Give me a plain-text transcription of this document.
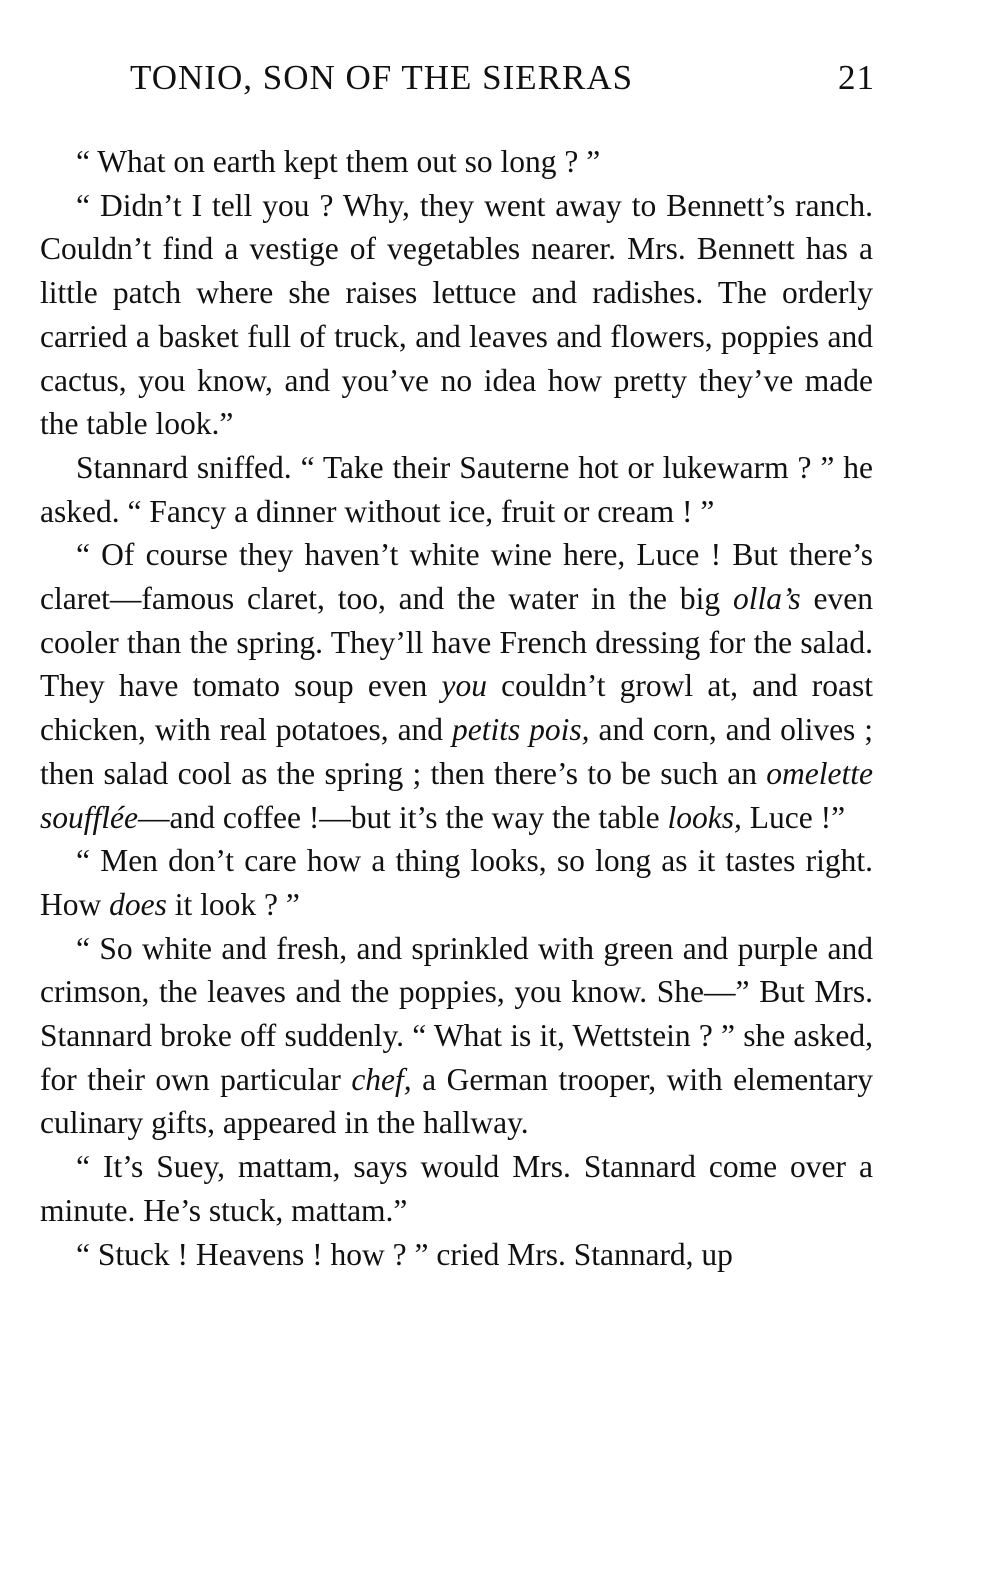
TONIO, SON OF THE SIERRAS	21

“ What on earth kept them out so long ? ”

“ Didn’t I tell you ? Why, they went away to Bennett’s ranch. Couldn’t find a vestige of vegetables nearer. Mrs. Bennett has a little patch where she raises lettuce and radishes. The orderly carried a basket full of truck, and leaves and flowers, poppies and cactus, you know, and you’ve no idea how pretty they’ve made the table look.”

Stannard sniffed. “ Take their Sauterne hot or lukewarm ? ” he asked. “ Fancy a dinner without ice, fruit or cream ! ”

“ Of course they haven’t white wine here, Luce ! But there’s claret—famous claret, too, and the water in the big olla’s even cooler than the spring. They’ll have French dressing for the salad. They have tomato soup even you couldn’t growl at, and roast chicken, with real potatoes, and petits pois, and corn, and olives ; then salad cool as the spring ; then there’s to be such an omelette soufflée—and coffee !—but it’s the way the table looks, Luce !”

“ Men don’t care how a thing looks, so long as it tastes right. How does it look ? ”

“ So white and fresh, and sprinkled with green and purple and crimson, the leaves and the poppies, you know. She—” But Mrs. Stannard broke off suddenly. “ What is it, Wettstein ? ” she asked, for their own particular chef, a German trooper, with elementary culinary gifts, appeared in the hallway.

“ It’s Suey, mattam, says would Mrs. Stannard come over a minute. He’s stuck, mattam.”

“ Stuck ! Heavens ! how ? ” cried Mrs. Stannard, up
